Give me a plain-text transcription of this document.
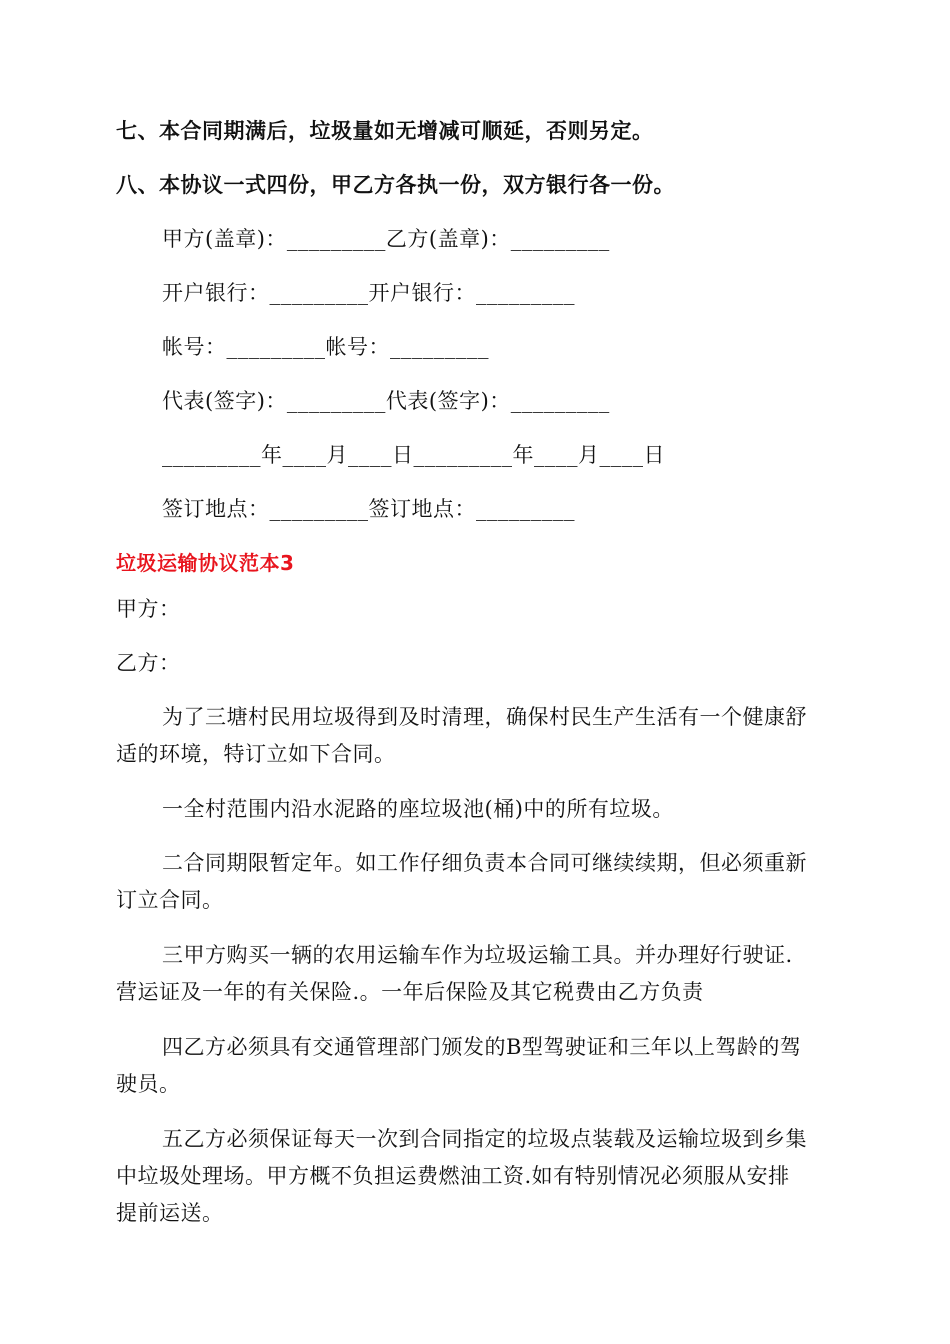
七、本合同期满后，垃圾量如无增减可顺延，否则另定。
八、本协议一式四份，甲乙方各执一份，双方银行各一份。
甲方(盖章)：_________乙方(盖章)：_________
开户银行：_________开户银行：_________
帐号：_________帐号：_________
代表(签字)：_________代表(签字)：_________
_________年____月____日_________年____月____日
签订地点：_________签订地点：_________
垃圾运输协议范本3
甲方：
乙方：
为了三塘村民用垃圾得到及时清理，确保村民生产生活有一个健康舒
适的环境，特订立如下合同。
一全村范围内沿水泥路的座垃圾池(桶)中的所有垃圾。
二合同期限暂定年。如工作仔细负责本合同可继续续期，但必须重新
订立合同。
三甲方购买一辆的农用运输车作为垃圾运输工具。并办理好行驶证.
营运证及一年的有关保险.。一年后保险及其它税费由乙方负责
四乙方必须具有交通管理部门颁发的B型驾驶证和三年以上驾龄的驾
驶员。
五乙方必须保证每天一次到合同指定的垃圾点装载及运输垃圾到乡集
中垃圾处理场。甲方概不负担运费燃油工资.如有特别情况必须服从安排
提前运送。
